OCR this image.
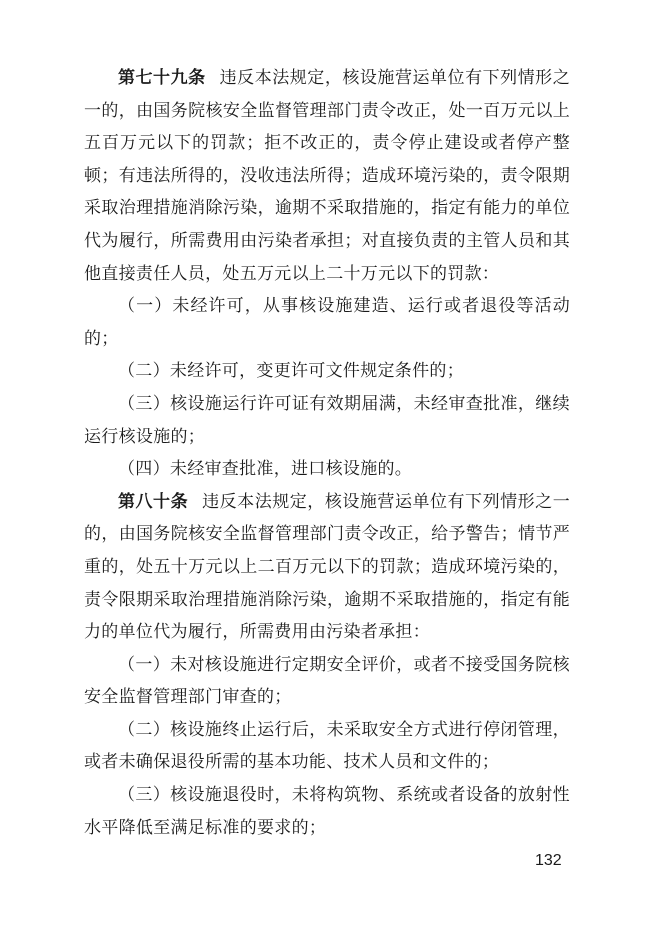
第七十九条 违反本法规定，核设施营运单位有下列情形之一的，由国务院核安全监督管理部门责令改正，处一百万元以上五百万元以下的罚款；拒不改正的，责令停止建设或者停产整顿；有违法所得的，没收违法所得；造成环境污染的，责令限期采取治理措施消除污染，逾期不采取措施的，指定有能力的单位代为履行，所需费用由污染者承担；对直接负责的主管人员和其他直接责任人员，处五万元以上二十万元以下的罚款：

（一）未经许可，从事核设施建造、运行或者退役等活动的；

（二）未经许可，变更许可文件规定条件的；

（三）核设施运行许可证有效期届满，未经审查批准，继续运行核设施的；

（四）未经审查批准，进口核设施的。

第八十条 违反本法规定，核设施营运单位有下列情形之一的，由国务院核安全监督管理部门责令改正，给予警告；情节严重的，处五十万元以上二百万元以下的罚款；造成环境污染的，责令限期采取治理措施消除污染，逾期不采取措施的，指定有能力的单位代为履行，所需费用由污染者承担：

（一）未对核设施进行定期安全评价，或者不接受国务院核安全监督管理部门审查的；

（二）核设施终止运行后，未采取安全方式进行停闭管理，或者未确保退役所需的基本功能、技术人员和文件的；

（三）核设施退役时，未将构筑物、系统或者设备的放射性水平降低至满足标准的要求的；

132
